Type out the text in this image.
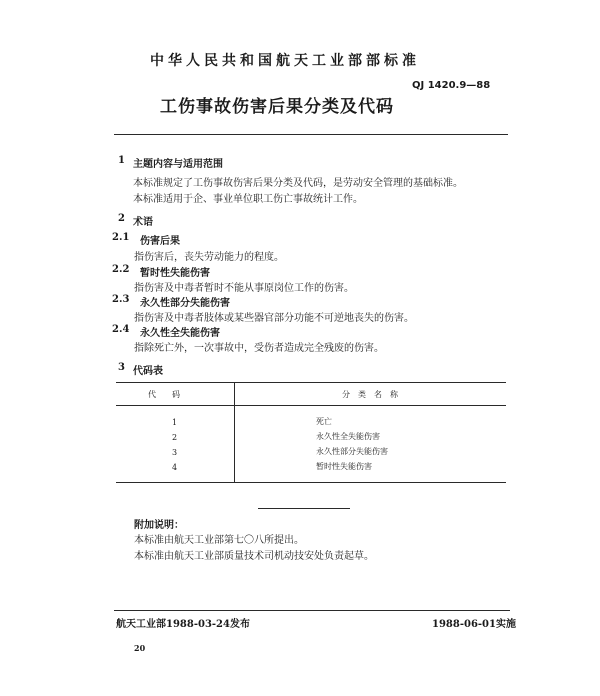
中华人民共和国航天工业部部标准
QJ 1420.9—88
工伤事故伤害后果分类及代码
1 主题内容与适用范围
本标准规定了工伤事故伤害后果分类及代码，是劳动安全管理的基础标准。
本标准适用于企、事业单位职工伤亡事故统计工作。
2 术语
2.1 伤害后果
指伤害后，丧失劳动能力的程度。
2.2 暂时性失能伤害
指伤害及中毒者暂时不能从事原岗位工作的伤害。
2.3 永久性部分失能伤害
指伤害及中毒者肢体或某些器官部分功能不可逆地丧失的伤害。
2.4 永久性全失能伤害
指除死亡外，一次事故中，受伤者造成完全残废的伤害。
3 代码表
代　　码	分　类　名　称
1	死亡
2	永久性全失能伤害
3	永久性部分失能伤害
4	暂时性失能伤害
附加说明：
本标准由航天工业部第七〇八所提出。
本标准由航天工业部质量技术司机动技安处负责起草。
航天工业部1988-03-24发布	1988-06-01实施
20
